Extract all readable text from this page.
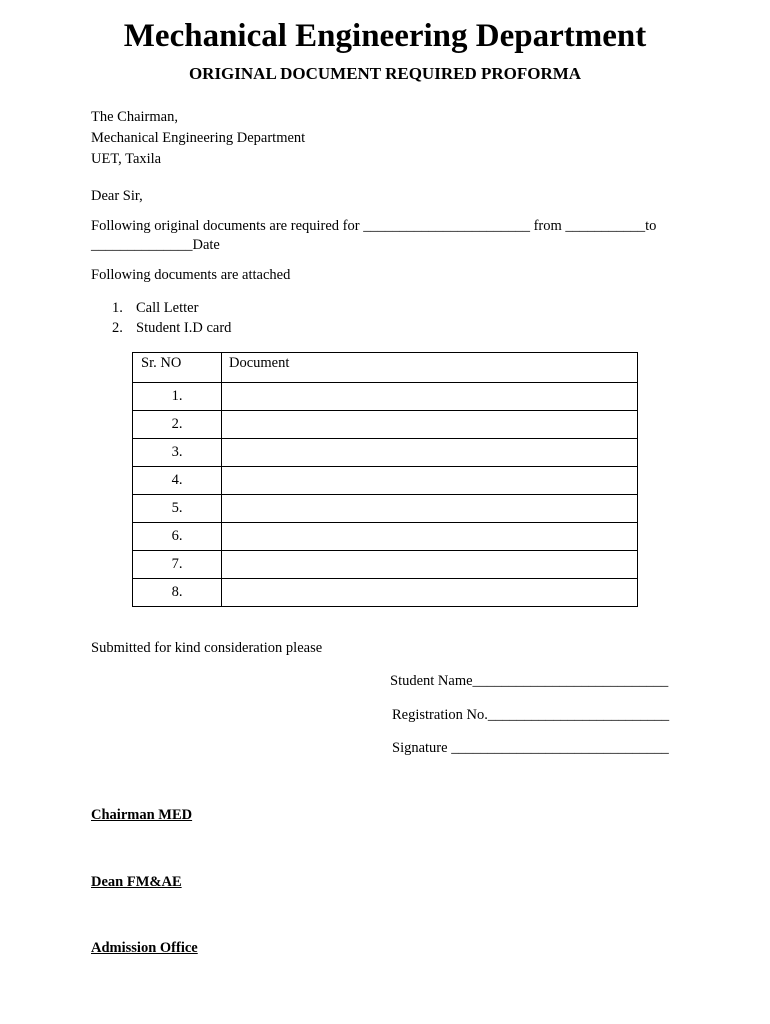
Mechanical Engineering Department
ORIGINAL DOCUMENT REQUIRED PROFORMA
The Chairman,
Mechanical Engineering Department
UET, Taxila
Dear Sir,
Following original documents are required for _______________________ from ___________to
______________Date
Following documents are attached
1. Call Letter
2. Student I.D card
Sr. NO	Document
1.	
2.	
3.	
4.	
5.	
6.	
7.	
8.	
Submitted for kind consideration please
Student Name___________________________
Registration No._________________________
Signature ______________________________
Chairman MED
Dean FM&AE
Admission Office
